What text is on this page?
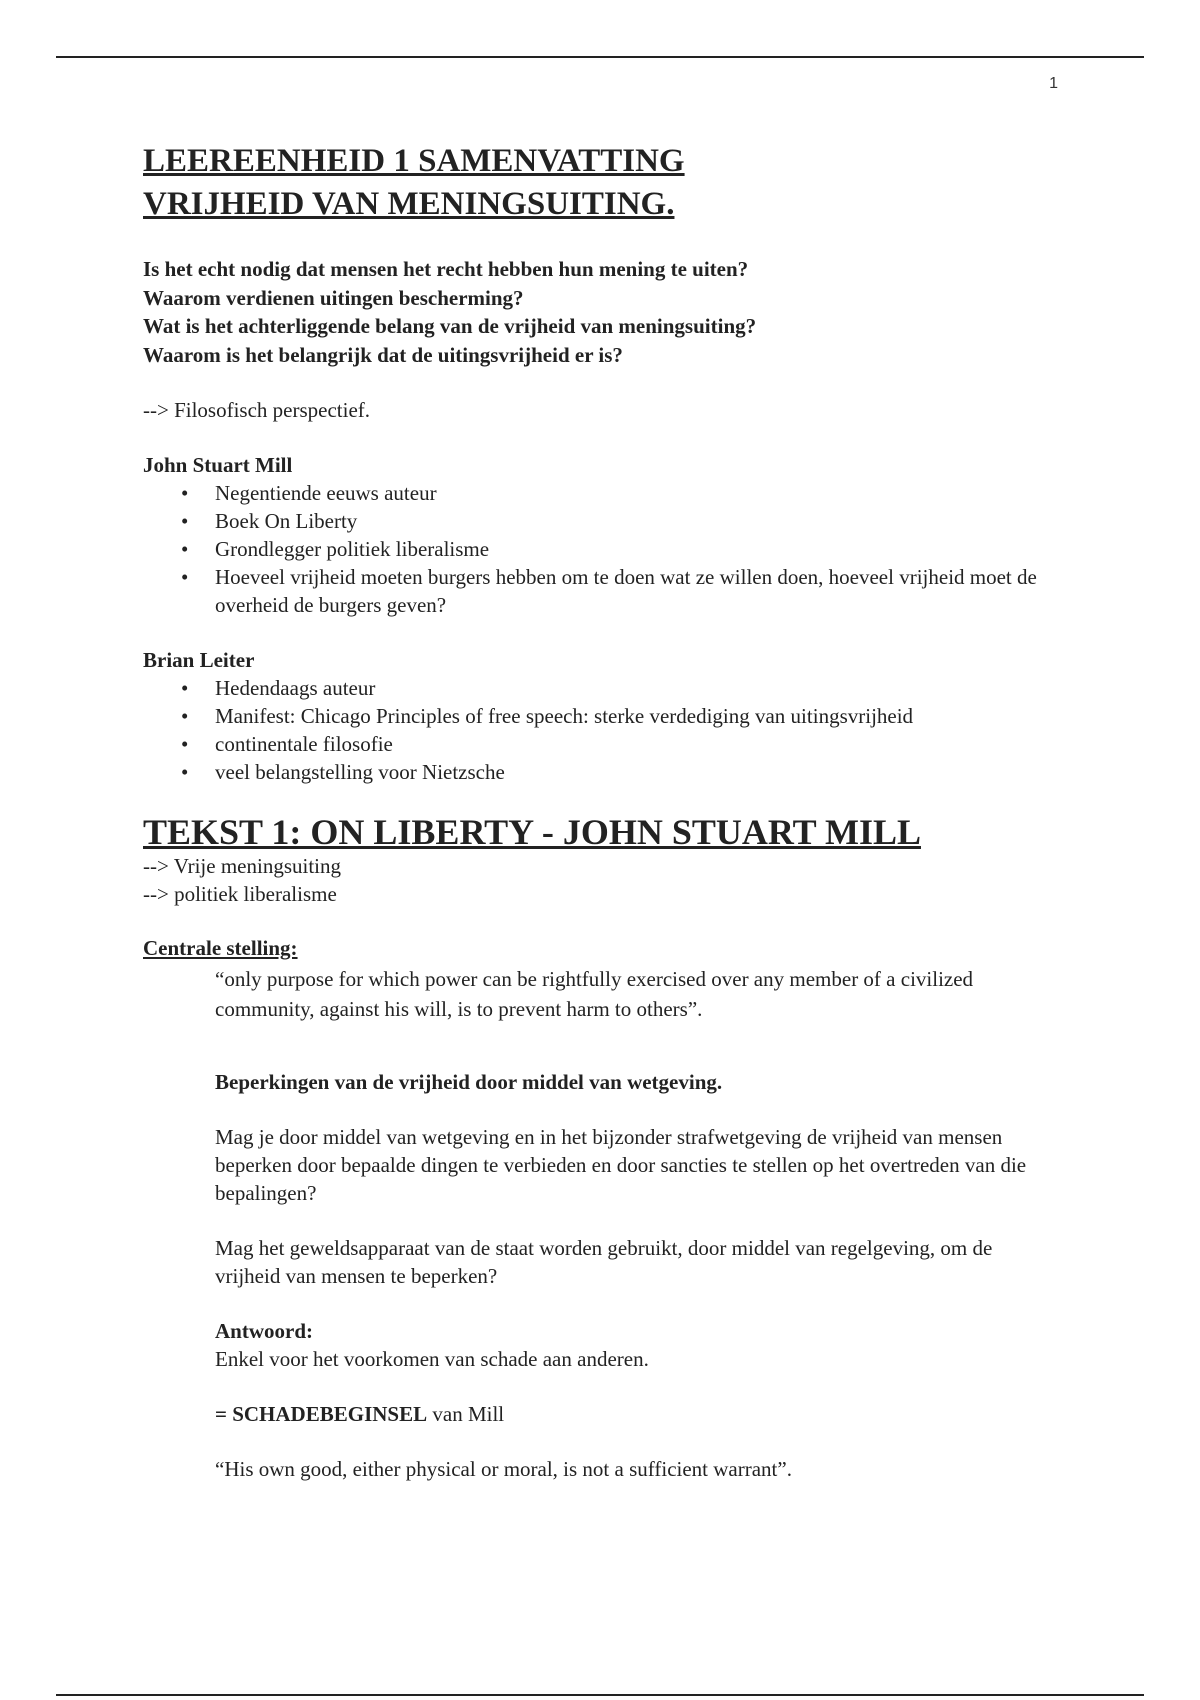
1
LEEREENHEID 1 SAMENVATTING
VRIJHEID VAN MENINGSUITING.
Is het echt nodig dat mensen het recht hebben hun mening te uiten?
Waarom verdienen uitingen bescherming?
Wat is het achterliggende belang van de vrijheid van meningsuiting?
Waarom is het belangrijk dat de uitingsvrijheid er is?
--> Filosofisch perspectief.
John Stuart Mill
• Negentiende eeuws auteur
• Boek On Liberty
• Grondlegger politiek liberalisme
• Hoeveel vrijheid moeten burgers hebben om te doen wat ze willen doen, hoeveel vrijheid moet de overheid de burgers geven?
Brian Leiter
• Hedendaags auteur
• Manifest: Chicago Principles of free speech: sterke verdediging van uitingsvrijheid
• continentale filosofie
• veel belangstelling voor Nietzsche
TEKST 1: ON LIBERTY - JOHN STUART MILL
--> Vrije meningsuiting
--> politiek liberalisme
Centrale stelling:
“only purpose for which power can be rightfully exercised over any member of a civilized community, against his will, is to prevent harm to others”.
Beperkingen van de vrijheid door middel van wetgeving.
Mag je door middel van wetgeving en in het bijzonder strafwetgeving de vrijheid van mensen beperken door bepaalde dingen te verbieden en door sancties te stellen op het overtreden van die bepalingen?
Mag het geweldsapparaat van de staat worden gebruikt, door middel van regelgeving, om de vrijheid van mensen te beperken?
Antwoord:
Enkel voor het voorkomen van schade aan anderen.
= SCHADEBEGINSEL van Mill
“His own good, either physical or moral, is not a sufficient warrant”.
